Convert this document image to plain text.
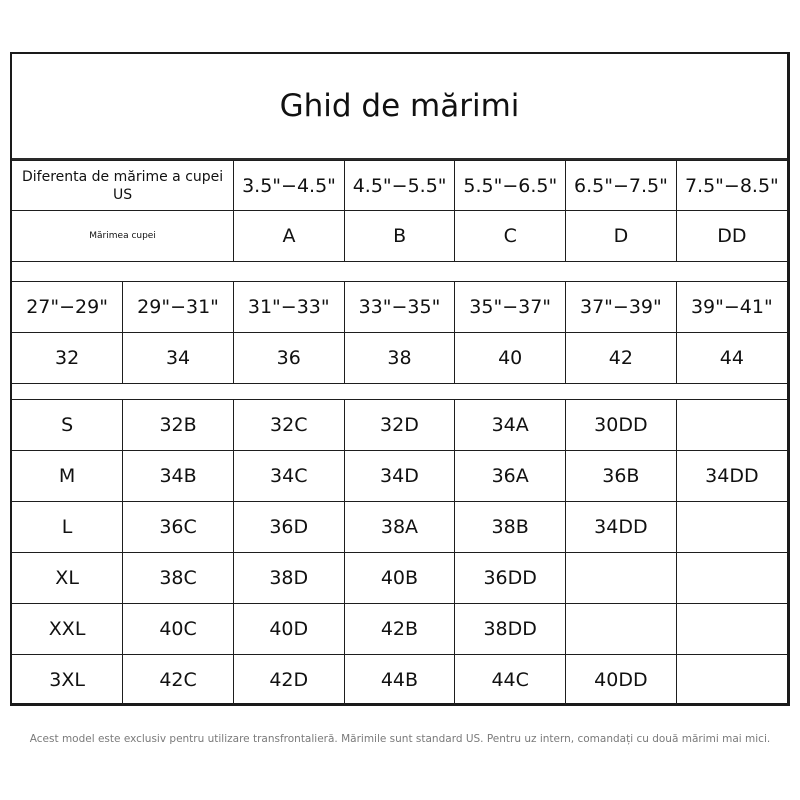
Ghid de mărimi
Diferenta de mărime a cupei US	3.5"−4.5"	4.5"−5.5"	5.5"−6.5"	6.5"−7.5"	7.5"−8.5"
Mărimea cupei	A	B	C	D	DD
27"−29"	29"−31"	31"−33"	33"−35"	35"−37"	37"−39"	39"−41"
32	34	36	38	40	42	44
S	32B	32C	32D	34A	30DD	
M	34B	34C	34D	36A	36B	34DD
L	36C	36D	38A	38B	34DD	
XL	38C	38D	40B	36DD		
XXL	40C	40D	42B	38DD		
3XL	42C	42D	44B	44C	40DD	
Acest model este exclusiv pentru utilizare transfrontalieră. Mărimile sunt standard US. Pentru uz intern, comandați cu două mărimi mai mici.
